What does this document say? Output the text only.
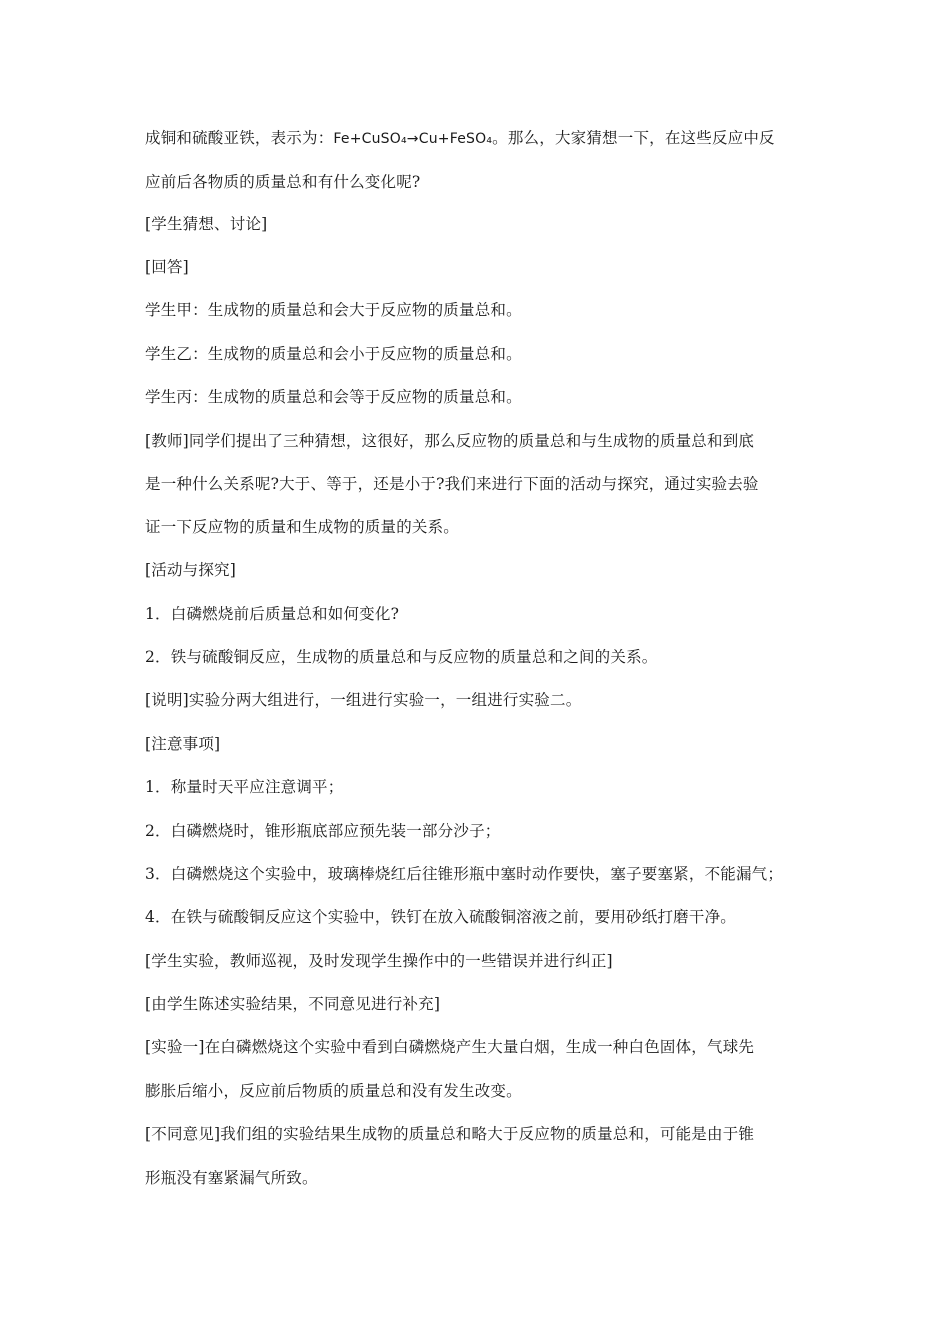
成铜和硫酸亚铁，表示为：Fe+CuSO₄→Cu+FeSO₄。那么，大家猜想一下，在这些反应中反
应前后各物质的质量总和有什么变化呢?
[学生猜想、讨论]
[回答]
学生甲：生成物的质量总和会大于反应物的质量总和。
学生乙：生成物的质量总和会小于反应物的质量总和。
学生丙：生成物的质量总和会等于反应物的质量总和。
[教师]同学们提出了三种猜想，这很好，那么反应物的质量总和与生成物的质量总和到底
是一种什么关系呢?大于、等于，还是小于?我们来进行下面的活动与探究，通过实验去验
证一下反应物的质量和生成物的质量的关系。
[活动与探究]
1．白磷燃烧前后质量总和如何变化?
2．铁与硫酸铜反应，生成物的质量总和与反应物的质量总和之间的关系。
[说明]实验分两大组进行，一组进行实验一，一组进行实验二。
[注意事项]
1．称量时天平应注意调平；
2．白磷燃烧时，锥形瓶底部应预先装一部分沙子；
3．白磷燃烧这个实验中，玻璃棒烧红后往锥形瓶中塞时动作要快，塞子要塞紧，不能漏气；
4．在铁与硫酸铜反应这个实验中，铁钉在放入硫酸铜溶液之前，要用砂纸打磨干净。
[学生实验，教师巡视，及时发现学生操作中的一些错误并进行纠正]
[由学生陈述实验结果，不同意见进行补充]
[实验一]在白磷燃烧这个实验中看到白磷燃烧产生大量白烟，生成一种白色固体，气球先
膨胀后缩小，反应前后物质的质量总和没有发生改变。
[不同意见]我们组的实验结果生成物的质量总和略大于反应物的质量总和，可能是由于锥
形瓶没有塞紧漏气所致。
